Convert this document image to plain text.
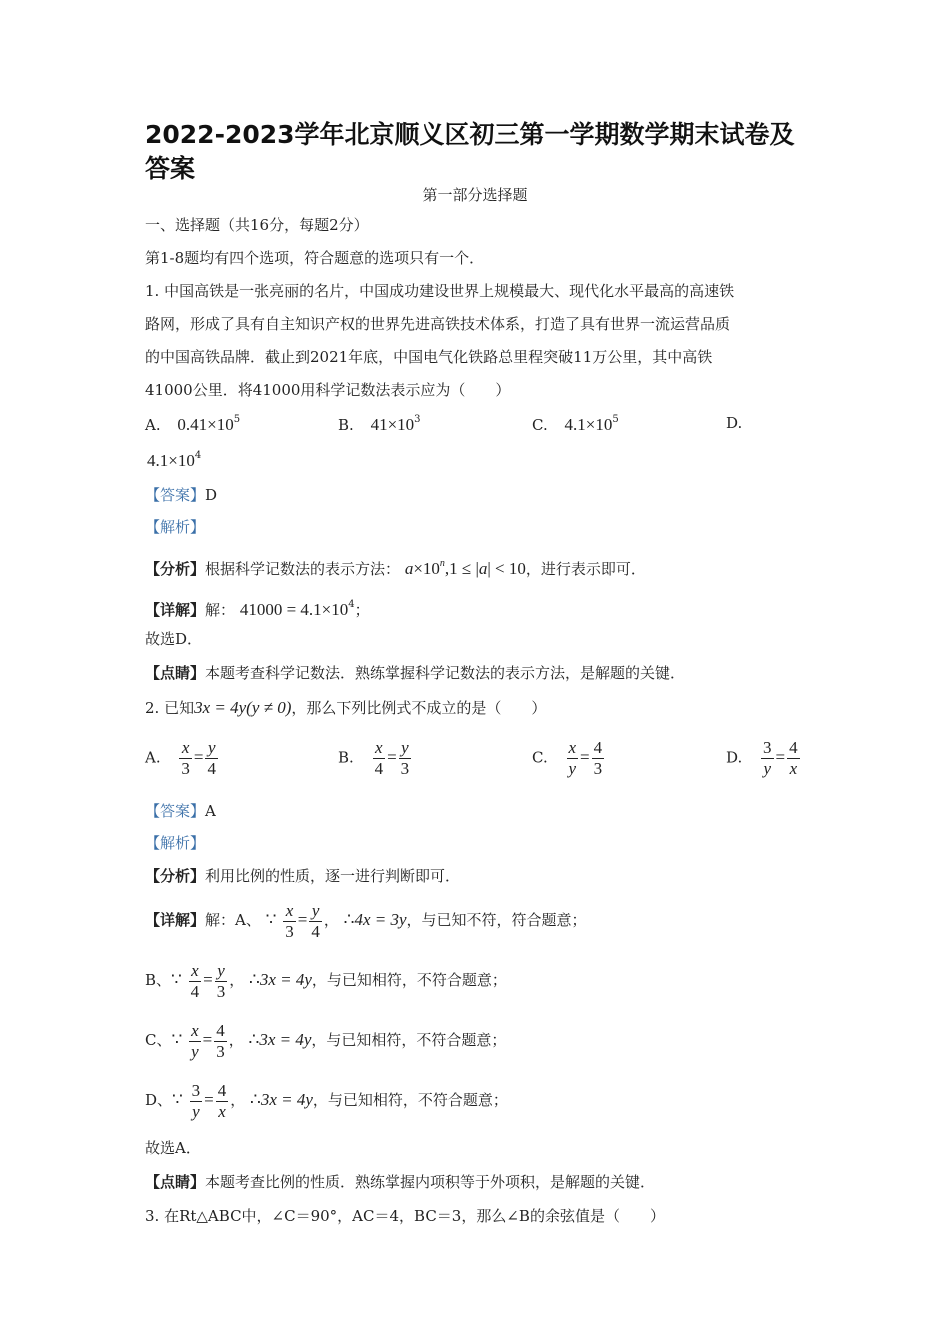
2022-2023学年北京顺义区初三第一学期数学期末试卷及答案
第一部分选择题
一、选择题（共16分，每题2分）
第1-8题均有四个选项，符合题意的选项只有一个．
1. 中国高铁是一张亮丽的名片，中国成功建设世界上规模最大、现代化水平最高的高速铁
路网，形成了具有自主知识产权的世界先进高铁技术体系，打造了具有世界一流运营品质
的中国高铁品牌．截止到2021年底，中国电气化铁路总里程突破11万公里，其中高铁
41000公里．将41000用科学记数法表示应为（　　）
A. $0.41\times 10^5$	B. $41\times 10^3$	C. $4.1\times 10^5$	D.
$4.1\times 10^4$
【答案】D
【解析】
【分析】根据科学记数法的表示方法： $a\times 10^n,1 \le |a| < 10$，进行表示即可．
【详解】解： $41000 = 4.1\times 10^4$；
故选D．
【点睛】本题考查科学记数法．熟练掌握科学记数法的表示方法，是解题的关键．
2. 已知3x = 4y(y ≠ 0)，那么下列比例式不成立的是（　　）
A. $\frac{x}{3} = \frac{y}{4}$	B. $\frac{x}{4} = \frac{y}{3}$	C. $\frac{x}{y} = \frac{4}{3}$	D. $\frac{3}{y} = \frac{4}{x}$
【答案】A
【解析】
【分析】利用比例的性质，逐一进行判断即可．
【详解】解：A、 ∵ $\frac{x}{3} = \frac{y}{4}$ ， ∴4x = 3y，与已知不符，符合题意；
B、∵ $\frac{x}{4} = \frac{y}{3}$ ， ∴3x = 4y，与已知相符，不符合题意；
C、∵ $\frac{x}{y} = \frac{4}{3}$ ， ∴3x = 4y，与已知相符，不符合题意；
D、∵ $\frac{3}{y} = \frac{4}{x}$ ， ∴3x = 4y，与已知相符，不符合题意；
故选A．
【点睛】本题考查比例的性质．熟练掌握内项积等于外项积，是解题的关键．
3. 在Rt△ABC中，∠C＝90°，AC＝4，BC＝3，那么∠B的余弦值是（　　）
